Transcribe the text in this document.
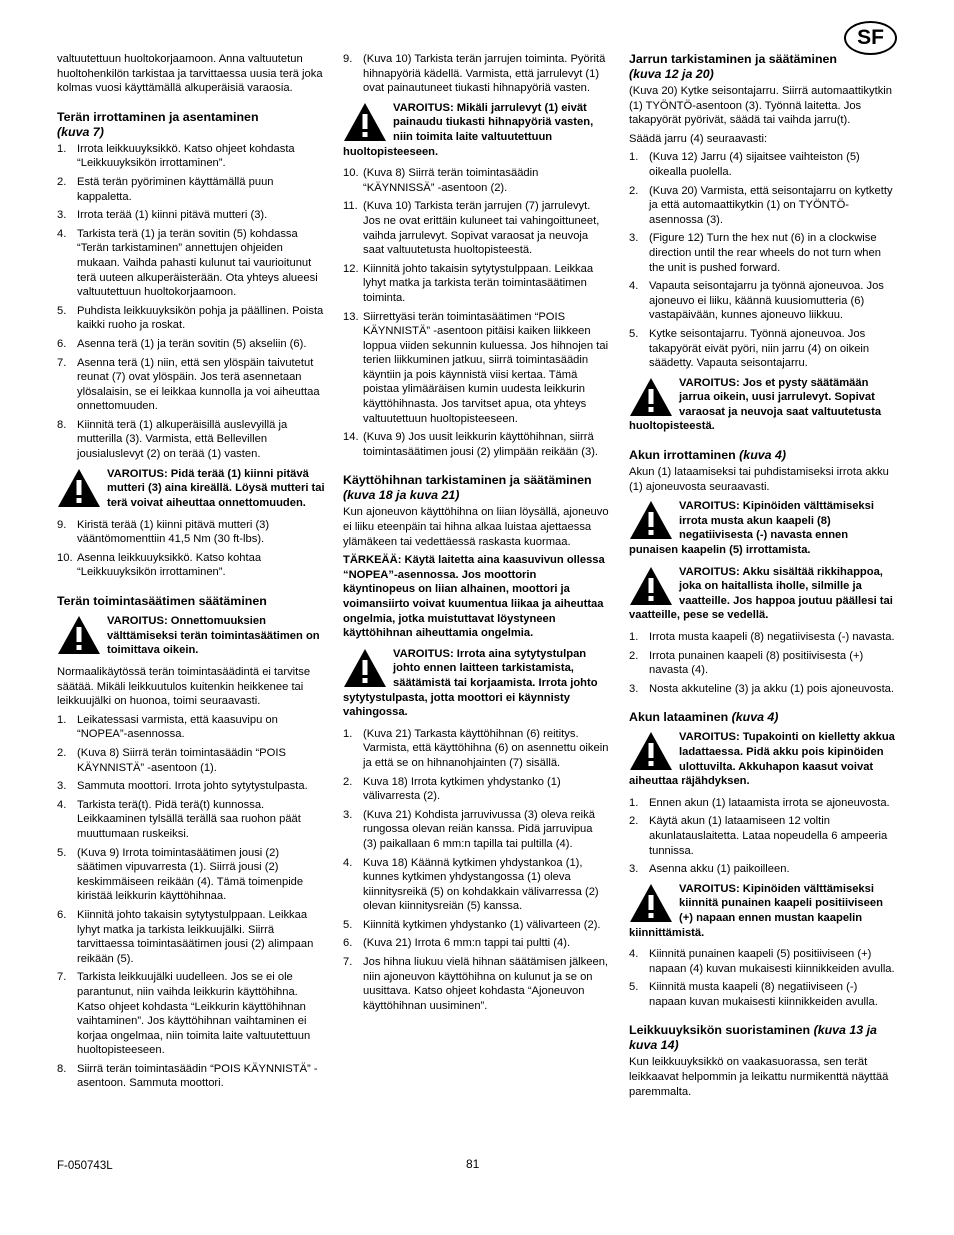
SF

valtuutettuun huoltokorjaamoon. Anna valtuutetun huoltohenkilön tarkistaa ja tarvittaessa uusia terä joka kolmas vuosi käyttämällä alkuperäisiä varaosia.

Terän irrottaminen ja asentaminen
(kuva 7)
1. Irrota leikkuuyksikkö. Katso ohjeet kohdasta “Leikkuuyksikön irrottaminen”.
2. Estä terän pyöriminen käyttämällä puun kappaletta.
3. Irrota terää (1) kiinni pitävä mutteri (3).
4. Tarkista terä (1) ja terän sovitin (5) kohdassa “Terän tarkistaminen” annettujen ohjeiden mukaan. Vaihda pahasti kulunut tai vaurioitunut terä uuteen alkuperäisterään. Ota yhteys alueesi valtuutettuun huoltokorjaamoon.
5. Puhdista leikkuuyksikön pohja ja päällinen. Poista kaikki ruoho ja roskat.
6. Asenna terä (1) ja terän sovitin (5) akseliin (6).
7. Asenna terä (1) niin, että sen ylöspäin taivutetut reunat (7) ovat ylöspäin. Jos terä asennetaan ylösalaisin, se ei leikkaa kunnolla ja voi aiheuttaa onnettomuuden.
8. Kiinnitä terä (1) alkuperäisillä auslevyillä ja mutterilla (3). Varmista, että Bellevillen jousialuslevyt (2) on terää (1) vasten.
VAROITUS: Pidä terää (1) kiinni pitävä mutteri (3) aina kireällä. Löysä mutteri tai terä voivat aiheuttaa onnettomuuden.
9. Kiristä terää (1) kiinni pitävä mutteri (3) vääntömomenttiin 41,5 Nm (30 ft-lbs).
10. Asenna leikkuuyksikkö. Katso kohtaa “Leikkuuyksikön irrottaminen”.
Terän toimintasäätimen säätäminen
VAROITUS: Onnettomuuksien välttämiseksi terän toimintasäätimen on toimittava oikein.

Normaalikäytössä terän toimintasäädintä ei tarvitse säätää. Mikäli leikkuutulos kuitenkin heikkenee tai leikkuujälki on huonoa, toimi seuraavasti.

1. Leikatessasi varmista, että kaasuvipu on “NOPEA”-asennossa.
2. (Kuva 8) Siirrä terän toimintasäädin “POIS KÄYNNISTÄ” -asentoon (1).
3. Sammuta moottori. Irrota johto sytytystulpasta.
4. Tarkista terä(t). Pidä terä(t) kunnossa. Leikkaaminen tylsällä terällä saa ruohon päät muuttumaan ruskeiksi.
5. (Kuva 9) Irrota toimintasäätimen jousi (2) säätimen vipuvarresta (1). Siirrä jousi (2) keskimmäiseen reikään (4). Tämä toimenpide kiristää leikkurin käyttöhihnaa.
6. Kiinnitä johto takaisin sytytystulppaan. Leikkaa lyhyt matka ja tarkista leikkuujälki. Siirrä tarvittaessa toimintasäätimen jousi (2) alimpaan reikään (5).
7. Tarkista leikkuujälki uudelleen. Jos se ei ole parantunut, niin vaihda leikkurin käyttöhihna. Katso ohjeet kohdasta “Leikkurin käyttöhihnan vaihtaminen”. Jos käyttöhihnan vaihtaminen ei korjaa ongelmaa, niin toimita laite valtuutettuun huoltopisteeseen.
8. Siirrä terän toimintasäädin “POIS KÄYNNISTÄ” -asentoon. Sammuta moottori.
9. (Kuva 10) Tarkista terän jarrujen toiminta. Pyöritä hihnapyöriä kädellä. Varmista, että jarrulevyt (1) ovat painautuneet tiukasti hihnapyöriä vasten.
VAROITUS: Mikäli jarrulevyt (1) eivät painaudu tiukasti hihnapyöriä vasten, niin toimita laite valtuutettuun huoltopisteeseen.
10. (Kuva 8) Siirrä terän toimintasäädin “KÄYNNISSÄ” -asentoon (2).
11. (Kuva 10) Tarkista terän jarrujen (7) jarrulevyt. Jos ne ovat erittäin kuluneet tai vahingoittuneet, vaihda jarrulevyt. Sopivat varaosat ja neuvoja saat valtuutetusta huoltopisteestä.
12. Kiinnitä johto takaisin sytytystulppaan. Leikkaa lyhyt matka ja tarkista terän toimintasäätimen toiminta.
13. Siirrettyäsi terän toimintasäätimen “POIS KÄYNNISTÄ” -asentoon pitäisi kaiken liikkeen loppua viiden sekunnin kuluessa. Jos hihnojen tai terien liikkuminen jatkuu, siirrä toimintasäädin käyntiin ja pois käynnistä viisi kertaa. Tämä poistaa ylimääräisen kumin uudesta leikkurin käyttöhihnasta. Jos tarvitset apua, ota yhteys valtuutettuun huoltopisteeseen.
14. (Kuva 9) Jos uusit leikkurin käyttöhihnan, siirrä toimintasäätimen jousi (2) ylimpään reikään (3).
Käyttöhihnan tarkistaminen ja säätäminen (kuva 18 ja kuva 21)

Kun ajoneuvon käyttöhihna on liian löysällä, ajoneuvo ei liiku eteenpäin tai hihna alkaa luistaa ajettaessa ylämäkeen tai vedettäessä raskasta kuormaa.

TÄRKEÄÄ: Käytä laitetta aina kaasuvivun ollessa “NOPEA”-asennossa. Jos moottorin käyntinopeus on liian alhainen, moottori ja voimansiirto voivat kuumentua liikaa ja aiheuttaa ongelmia, jotka muistuttavat löystyneen käyttöhihnan aiheuttamia ongelmia.

VAROITUS: Irrota aina sytytystulpan johto ennen laitteen tarkistamista, säätämistä tai korjaamista. Irrota johto sytytystulpasta, jotta moottori ei käynnisty vahingossa.
1. (Kuva 21) Tarkasta käyttöhihnan (6) reititys. Varmista, että käyttöhihna (6) on asennettu oikein ja että se on hihnanohjainten (7) sisällä.
2. Kuva 18) Irrota kytkimen yhdystanko (1) välivarresta (2).
3. (Kuva 21) Kohdista jarruvivussa (3) oleva reikä rungossa olevan reiän kanssa. Pidä jarruvipua (3) paikallaan 6 mm:n tapilla tai pultilla (4).
4. Kuva 18) Käännä kytkimen yhdystankoa (1), kunnes kytkimen yhdystangossa (1) oleva kiinnitysreikä (5) on kohdakkain välivarressa (2) olevan kiinnitysreiän (5) kanssa.
5. Kiinnitä kytkimen yhdystanko (1) välivarteen (2).
6. (Kuva 21) Irrota 6 mm:n tappi tai pultti (4).
7. Jos hihna liukuu vielä hihnan säätämisen jälkeen, niin ajoneuvon käyttöhihna on kulunut ja se on uusittava. Katso ohjeet kohdasta “Ajoneuvon käyttöhihnan uusiminen”.
Jarrun tarkistaminen ja säätäminen
(kuva 12 ja 20)

(Kuva 20) Kytke seisontajarru. Siirrä automaattikytkin (1) TYÖNTÖ-asentoon (3). Työnnä laitetta. Jos takapyörät pyörivät, säädä tai vaihda jarru(t).

Säädä jarru (4) seuraavasti:

1. (Kuva 12) Jarru (4) sijaitsee vaihteiston (5) oikealla puolella.
2. (Kuva 20) Varmista, että seisontajarru on kytketty ja että automaattikytkin (1) on TYÖNTÖ-asennossa (3).
3. (Figure 12) Turn the hex nut (6) in a clockwise direction until the rear wheels do not turn when the unit is pushed forward.
4. Vapauta seisontajarru ja työnnä ajoneuvoa. Jos ajoneuvo ei liiku, käännä kuusiomutteria (6) vastapäivään, kunnes ajoneuvo liikkuu.
5. Kytke seisontajarru. Työnnä ajoneuvoa. Jos takapyörät eivät pyöri, niin jarru (4) on oikein säädetty. Vapauta seisontajarru.
VAROITUS: Jos et pysty säätämään jarrua oikein, uusi jarrulevyt. Sopivat varaosat ja neuvoja saat valtuutetusta huoltopisteestä.
Akun irrottaminen (kuva 4)

Akun (1) lataamiseksi tai puhdistamiseksi irrota akku (1) ajoneuvosta seuraavasti.

VAROITUS: Kipinöiden välttämiseksi irrota musta akun kaapeli (8) negatiivisesta (-) navasta ennen punaisen kaapelin (5) irrottamista.
VAROITUS: Akku sisältää rikkihappoa, joka on haitallista iholle, silmille ja vaatteille. Jos happoa joutuu päällesi tai vaatteille, pese se vedellä.
1. Irrota musta kaapeli (8) negatiivisesta (-) navasta.
2. Irrota punainen kaapeli (8) positiivisesta (+) navasta (4).
3. Nosta akkuteline (3) ja akku (1) pois ajoneuvosta.
Akun lataaminen (kuva 4)
VAROITUS: Tupakointi on kielletty akkua ladattaessa. Pidä akku pois kipinöiden ulottuvilta. Akkuhapon kaasut voivat aiheuttaa räjähdyksen.
1. Ennen akun (1) lataamista irrota se ajoneuvosta.
2. Käytä akun (1) lataamiseen 12 voltin akunlatauslaitetta. Lataa nopeudella 6 ampeeria tunnissa.
3. Asenna akku (1) paikoilleen.
VAROITUS: Kipinöiden välttämiseksi kiinnitä punainen kaapeli positiiviseen (+) napaan ennen mustan kaapelin kiinnittämistä.
4. Kiinnitä punainen kaapeli (5) positiiviseen (+) napaan (4) kuvan mukaisesti kiinnikkeiden avulla.
5. Kiinnitä musta kaapeli (8) negatiiviseen (-) napaan kuvan mukaisesti kiinnikkeiden avulla.
Leikkuuyksikön suoristaminen (kuva 13 ja kuva 14)

Kun leikkuuyksikkö on vaakasuorassa, sen terät leikkaavat helpommin ja leikattu nurmikenttä näyttää paremmalta.

F-050743L	81
